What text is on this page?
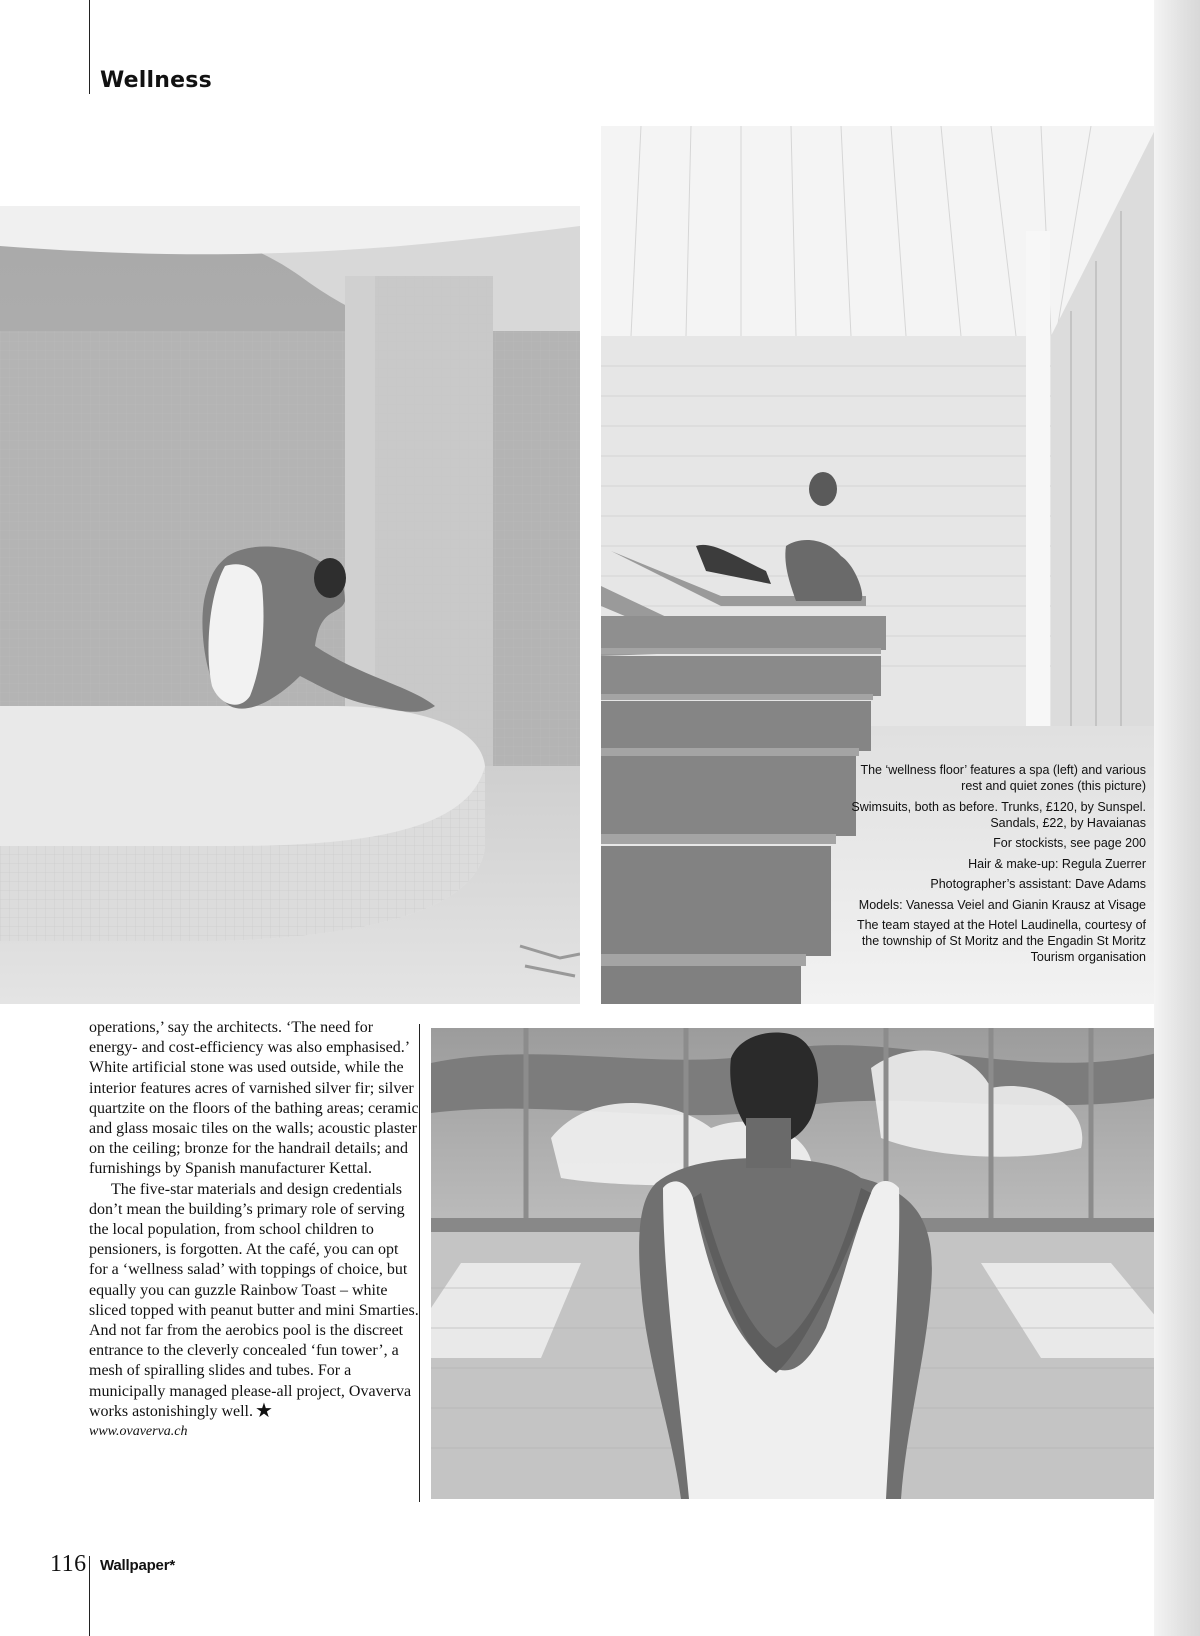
Wellness

The ‘wellness floor’ features a spa (left) and various rest and quiet zones (this picture)

Swimsuits, both as before. Trunks, £120, by Sunspel. Sandals, £22, by Havaianas

For stockists, see page 200

Hair & make-up: Regula Zuerrer

Photographer’s assistant: Dave Adams

Models: Vanessa Veiel and Gianin Krausz at Visage

The team stayed at the Hotel Laudinella, courtesy of the township of St Moritz and the Engadin St Moritz Tourism organisation

operations,’ say the architects. ‘The need for energy- and cost-efficiency was also emphasised.’ White artificial stone was used outside, while the interior features acres of varnished silver fir; silver quartzite on the floors of the bathing areas; ceramic and glass mosaic tiles on the walls; acoustic plaster on the ceiling; bronze for the handrail details; and furnishings by Spanish manufacturer Kettal.

The five-star materials and design credentials don’t mean the building’s primary role of serving the local population, from school children to pensioners, is forgotten. At the café, you can opt for a ‘wellness salad’ with toppings of choice, but equally you can guzzle Rainbow Toast – white sliced topped with peanut butter and mini Smarties. And not far from the aerobics pool is the discreet entrance to the cleverly concealed ‘fun tower’, a mesh of spiralling slides and tubes. For a municipally managed please-all project, Ovaverva works astonishingly well. ★

www.ovaverva.ch

116 Wallpaper*
